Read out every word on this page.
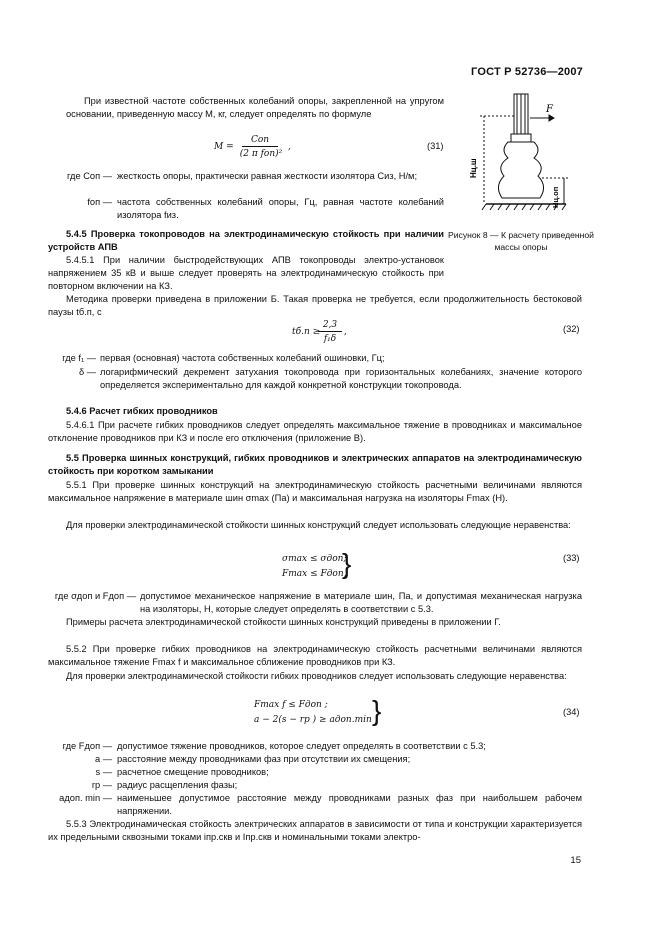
ГОСТ Р 52736—2007
При известной частоте собственных колебаний опоры, закрепленной на упругом основании, приведенную массу M, кг, следует определять по формуле
M =
Cоп
(2 π fоп)²
,	(31)
где Cоп — жесткость опоры, практически равная жесткости изолятора Cиз, Н/м;
fоп — частота собственных колебаний опоры, Гц, равная частоте колебаний изолятора fиз.
F
Hц.ш
Hц.оп
Рисунок 8 — К расчету приведенной массы опоры
5.4.5 Проверка токопроводов на электродинамическую стойкость при наличии устройств АПВ
5.4.5.1 При наличии быстродействующих АПВ токопроводы электро-установок напряжением 35 кВ и выше следует проверять на электродинамическую стойкость при повторном включении на КЗ.
Методика проверки приведена в приложении Б. Такая проверка не требуется, если продолжительность бестоковой паузы tб.п, с
tб.п ≥
2,3
f₁δ
,	(32)
где f₁ — первая (основная) частота собственных колебаний ошиновки, Гц;
δ — логарифмический декремент затухания токопровода при горизонтальных колебаниях, значение которого определяется экспериментально для каждой конкретной конструкции токопровода.
5.4.6 Расчет гибких проводников
5.4.6.1 При расчете гибких проводников следует определять максимальное тяжение в проводниках и максимальное отклонение проводников при КЗ и после его отключения (приложение В).
5.5 Проверка шинных конструкций, гибких проводников и электрических аппаратов на электродинамическую стойкость при коротком замыкании
5.5.1 При проверке шинных конструкций на электродинамическую стойкость расчетными величинами являются максимальное напряжение в материале шин σmax (Па) и максимальная нагрузка на изоляторы Fmax (Н).
Для проверки электродинамической стойкости шинных конструкций следует использовать следующие неравенства:
σmax ≤ σдоп;
Fmax ≤ Fдоп,
}	(33)
где σдоп и Fдоп — допустимое механическое напряжение в материале шин, Па, и допустимая механическая нагрузка на изоляторы, Н, которые следует определять в соответствии с 5.3.
Примеры расчета электродинамической стойкости шинных конструкций приведены в приложении Г.
5.5.2 При проверке гибких проводников на электродинамическую стойкость расчетными величинами являются максимальное тяжение Fmax f и максимальное сближение проводников при КЗ.
Для проверки электродинамической стойкости гибких проводников следует использовать следующие неравенства:
Fmax f ≤ Fдоп ;
a − 2(s − rр ) ≥ aдоп.min ,
}	(34)
где Fдоп — допустимое тяжение проводников, которое следует определять в соответствии с 5.3;
a — расстояние между проводниками фаз при отсутствии их смещения;
s — расчетное смещение проводников;
rр — радиус расщепления фазы;
aдоп. min — наименьшее допустимое расстояние между проводниками разных фаз при наибольшем рабочем напряжении.
5.5.3 Электродинамическая стойкость электрических аппаратов в зависимости от типа и конструкции характеризуется их предельными сквозными токами iпр.скв и Iпр.скв и номинальными токами электро-
15
